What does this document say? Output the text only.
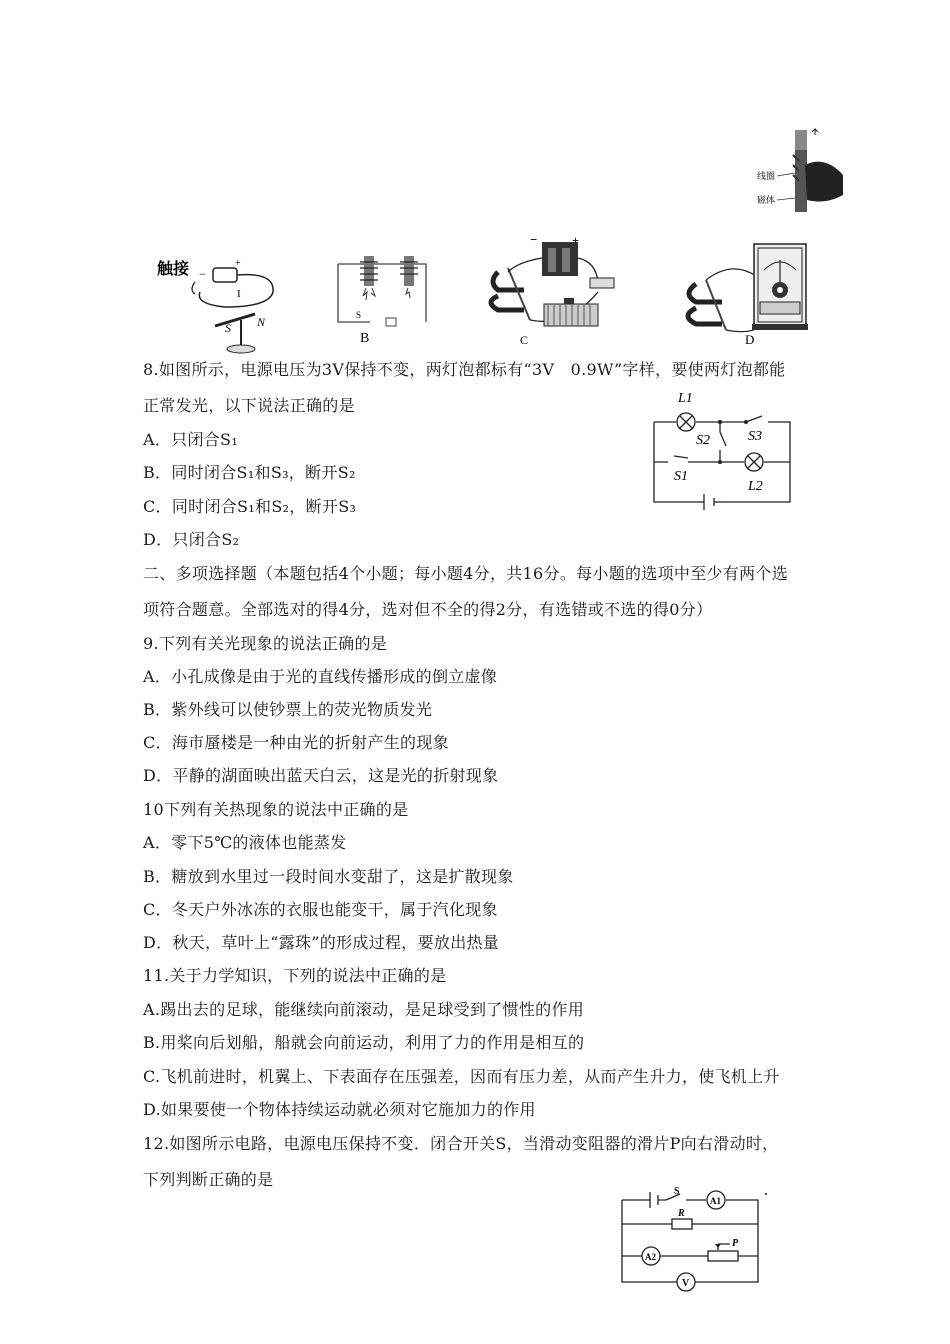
线圈
磁体
触接	+
−
I
S N	S
B
−	+
C	D
L1
S2	S3
S1
L2
8.如图所示，电源电压为3V保持不变，两灯泡都标有“3V　0.9W”字样，要使两灯泡都能
正常发光，以下说法正确的是
A．只闭合S₁
B．同时闭合S₁和S₃，断开S₂
C．同时闭合S₁和S₂，断开S₃
D．只闭合S₂
二、多项选择题（本题包括4个小题；每小题4分，共16分。每小题的选项中至少有两个选
项符合题意。全部选对的得4分，选对但不全的得2分，有选错或不选的得0分）
9.下列有关光现象的说法正确的是
A．小孔成像是由于光的直线传播形成的倒立虚像
B．紫外线可以使钞票上的荧光物质发光
C．海市蜃楼是一种由光的折射产生的现象
D．平静的湖面映出蓝天白云，这是光的折射现象
10下列有关热现象的说法中正确的是
A．零下5℃的液体也能蒸发
B．糖放到水里过一段时间水变甜了，这是扩散现象
C．冬天户外冰冻的衣服也能变干，属于汽化现象
D．秋天，草叶上“露珠”的形成过程，要放出热量
11.关于力学知识，下列的说法中正确的是
A.踢出去的足球，能继续向前滚动，是足球受到了惯性的作用
B.用桨向后划船，船就会向前运动，利用了力的作用是相互的
C.飞机前进时，机翼上、下表面存在压强差，因而有压力差，从而产生升力，使飞机上升
D.如果要使一个物体持续运动就必须对它施加力的作用
12.如图所示电路，电源电压保持不变．闭合开关S，当滑动变阻器的滑片P向右滑动时，
下列判断正确的是
S
A1
R
A2
P
V
